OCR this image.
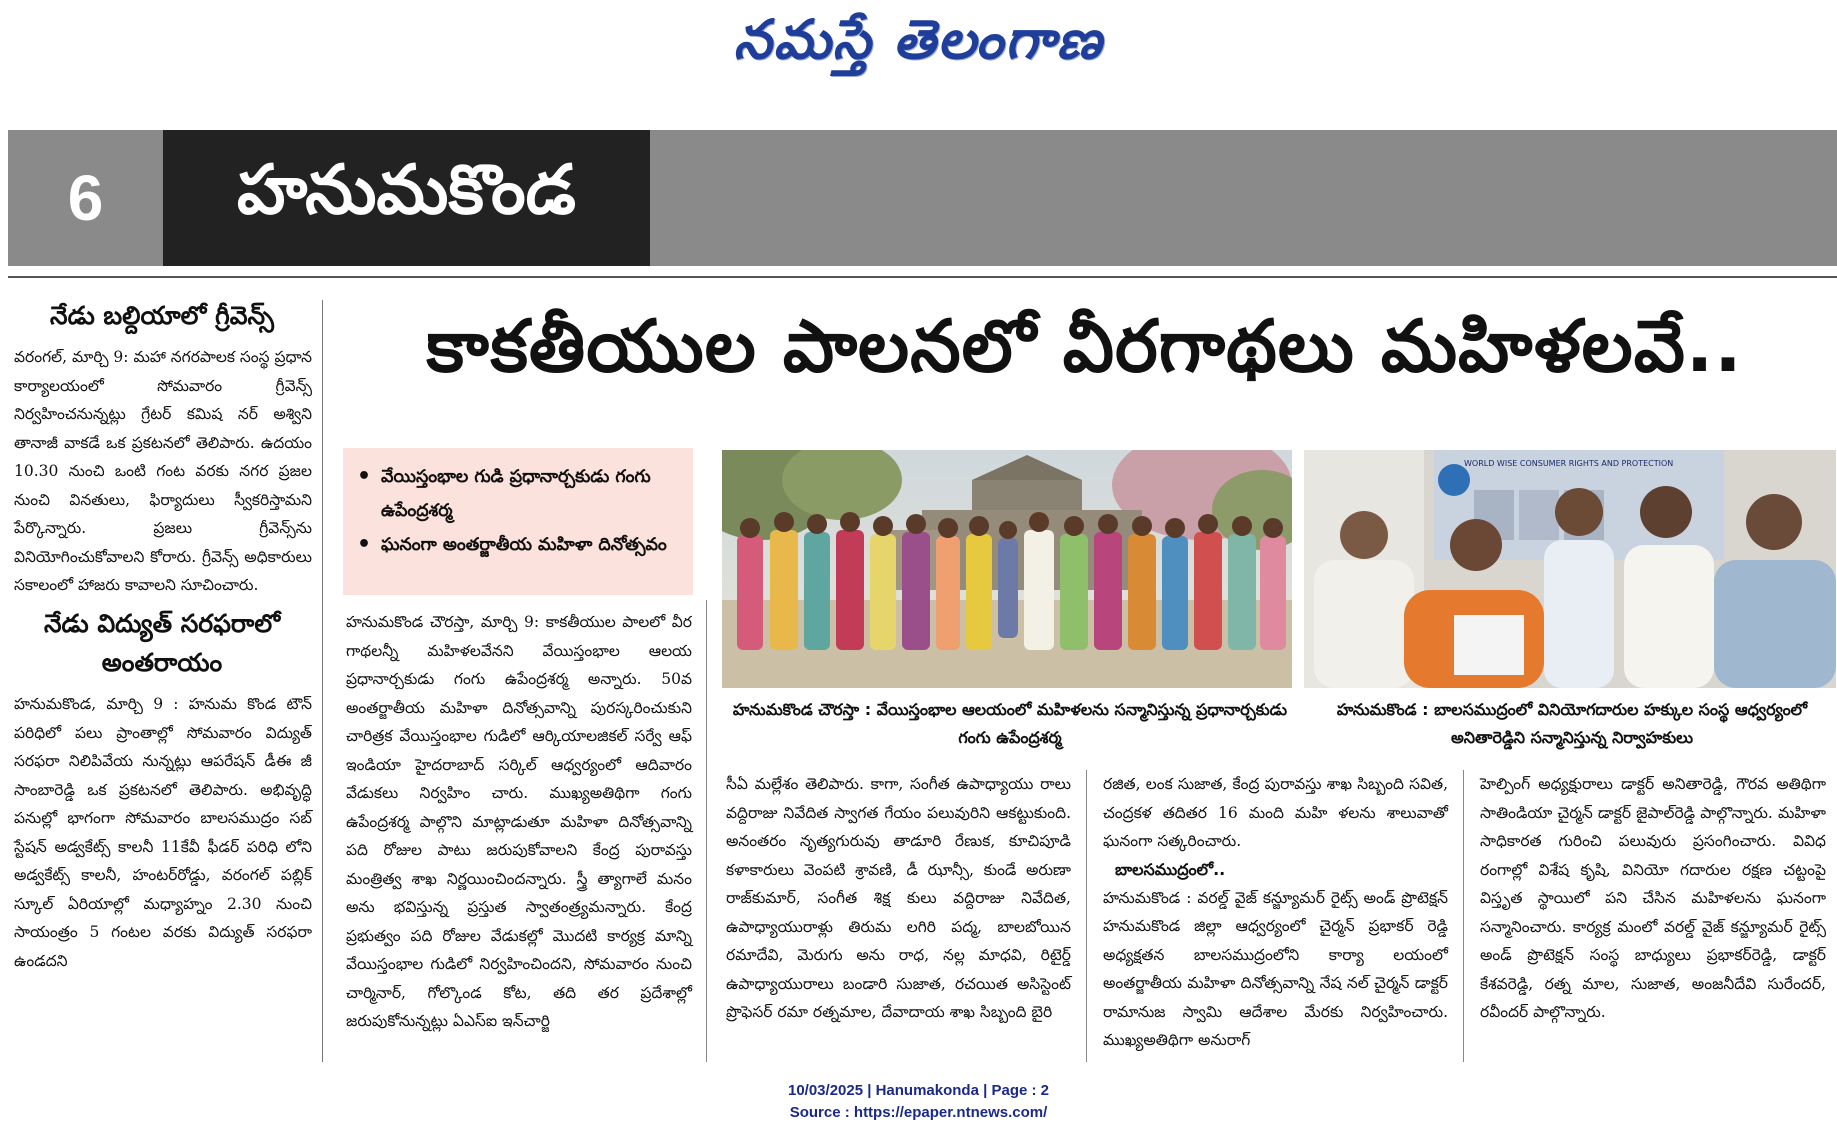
నమస్తే తెలంగాణ
6	హనుమకొండ
నేడు బల్దియాలో గ్రీవెన్స్
వరంగల్, మార్చి 9: మహా నగరపాలక సంస్థ ప్రధాన కార్యాలయంలో సోమవారం గ్రీవెన్స్ నిర్వహించనున్నట్లు గ్రేటర్ కమిష నర్ అశ్విని తానాజీ వాకడే ఒక ప్రకటనలో తెలిపారు. ఉదయం 10.30 నుంచి ఒంటి గంట వరకు నగర ప్రజల నుంచి వినతులు, ఫిర్యాదులు స్వీకరిస్తామని పేర్కొన్నారు. ప్రజలు గ్రీవెన్స్‌ను వినియోగించుకోవాలని కోరారు. గ్రీవెన్స్ అధికారులు సకాలంలో హాజరు కావాలని సూచించారు.
నేడు విద్యుత్ సరఫరాలో
అంతరాయం
హనుమకొండ, మార్చి 9 : హనుమ కొండ టౌన్ పరిధిలో పలు ప్రాంతాల్లో సోమవారం విద్యుత్ సరఫరా నిలిపివేయ నున్నట్లు ఆపరేషన్ డీఈ జీ సాంబారెడ్డి ఒక ప్రకటనలో తెలిపారు. అభివృద్ధి పనుల్లో భాగంగా సోమవారం బాలసముద్రం సబ్ స్టేషన్ అడ్వకేట్స్ కాలనీ 11కేవీ ఫీడర్ పరిధి లోని అడ్వకేట్స్ కాలనీ, హంటర్‌రోడ్డు, వరంగల్ పబ్లిక్ స్కూల్ ఏరియాల్లో మధ్యాహ్నం 2.30 నుంచి సాయంత్రం 5 గంటల వరకు విద్యుత్ సరఫరా ఉండదని
కాకతీయుల పాలనలో వీరగాథలు మహిళలవే..
• వేయిస్తంభాల గుడి ప్రధానార్చకుడు గంగు ఉపేంద్రశర్మ
• ఘనంగా అంతర్జాతీయ మహిళా దినోత్సవం
WORLD WISE CONSUMER RIGHTS AND PROTECTION
హనుమకొండ చౌరస్తా : వేయిస్తంభాల ఆలయంలో మహిళలను సన్మానిస్తున్న ప్రధానార్చకుడు గంగు ఉపేంద్రశర్మ
హనుమకొండ : బాలసముద్రంలో వినియోగదారుల హక్కుల సంస్థ ఆధ్వర్యంలో అనితారెడ్డిని సన్మానిస్తున్న నిర్వాహకులు
హనుమకొండ చౌరస్తా, మార్చి 9: కాకతీయుల పాలలో వీర గాథలన్నీ మహిళలవేనని వేయిస్తంభాల ఆలయ ప్రధానార్చకుడు గంగు ఉపేంద్రశర్మ అన్నారు. 50వ అంతర్జాతీయ మహిళా దినోత్సవాన్ని పురస్కరించుకుని చారిత్రక వేయిస్తంభాల గుడిలో ఆర్కియాలజికల్ సర్వే ఆఫ్ ఇండియా హైదరాబాద్ సర్కిల్ ఆధ్వర్యంలో ఆదివారం వేడుకలు నిర్వహిం చారు. ముఖ్యఅతిథిగా గంగు ఉపేంద్రశర్మ పాల్గొని మాట్లాడుతూ మహిళా దినోత్సవాన్ని పది రోజుల పాటు జరుపుకోవాలని కేంద్ర పురావస్తు మంత్రిత్వ శాఖ నిర్ణయించిందన్నారు. స్త్రీ త్యాగాలే మనం అను భవిస్తున్న ప్రస్తుత స్వాతంత్ర్యమన్నారు. కేంద్ర ప్రభుత్వం పది రోజుల వేడుకల్లో మొదటి కార్యక్ర మాన్ని వేయిస్తంభాల గుడిలో నిర్వహించిందని, సోమవారం నుంచి చార్మినార్, గోల్కొండ కోట, తది తర ప్రదేశాల్లో జరుపుకోనున్నట్లు ఏఎస్ఐ ఇన్‌చార్జి
సీఏ మల్లేశం తెలిపారు. కాగా, సంగీత ఉపాధ్యాయు రాలు వద్దిరాజు నివేదిత స్వాగత గేయం పలువురిని ఆకట్టుకుంది. అనంతరం నృత్యగురువు తాడూరి రేణుక, కూచిపూడి కళాకారులు వెంపటి శ్రావణి, డీ ఝాన్సీ, కుండే అరుణా రాజ్‌కుమార్, సంగీత శిక్ష కులు వద్దిరాజు నివేదిత, ఉపాధ్యాయురాళ్లు తిరుమ లగిరి పద్మ, బాలబోయిన రమాదేవి, మెరుగు అను రాధ, నల్ల మాధవి, రిటైర్డ్ ఉపాధ్యాయురాలు బండారి సుజాత, రచయిత అసిస్టెంట్ ప్రొఫెసర్ రమా రత్నమాల, దేవాదాయ శాఖ సిబ్బంది బైరి
రజిత, లంక సుజాత, కేంద్ర పురావస్తు శాఖ సిబ్బంది సవిత, చంద్రకళ తదితర 16 మంది మహి ళలను శాలువాతో ఘనంగా సత్కరించారు.
బాలసముద్రంలో..
హనుమకొండ : వరల్డ్ వైజ్ కన్జ్యూమర్ రైట్స్ అండ్ ప్రొటెక్షన్ హనుమకొండ జిల్లా ఆధ్వర్యంలో చైర్మన్ ప్రభాకర్ రెడ్డి అధ్యక్షతన బాలసముద్రంలోని కార్యా లయంలో అంతర్జాతీయ మహిళా దినోత్సవాన్ని నేష నల్ చైర్మన్ డాక్టర్ రామానుజ స్వామి ఆదేశాల మేరకు నిర్వహించారు. ముఖ్యఅతిథిగా అనురాగ్
హెల్పింగ్ అధ్యక్షురాలు డాక్టర్ అనితారెడ్డి, గౌరవ అతిథిగా సాతిండియా చైర్మన్ డాక్టర్ జైపాల్‌రెడ్డి పాల్గొన్నారు. మహిళా సాధికారత గురించి పలువురు ప్రసంగించారు. వివిధ రంగాల్లో విశేష కృషి, వినియో గదారుల రక్షణ చట్టంపై విస్తృత స్థాయిలో పని చేసిన మహిళలను ఘనంగా సన్మానించారు. కార్యక్ర మంలో వరల్డ్ వైజ్ కన్జ్యూమర్ రైట్స్ అండ్ ప్రొటెక్షన్ సంస్థ బాధ్యులు ప్రభాకర్‌రెడ్డి, డాక్టర్ కేశవరెడ్డి, రత్న మాల, సుజాత, అంజనీదేవి సురేందర్, రవీందర్ పాల్గొన్నారు.
10/03/2025 | Hanumakonda | Page : 2
Source : https://epaper.ntnews.com/
